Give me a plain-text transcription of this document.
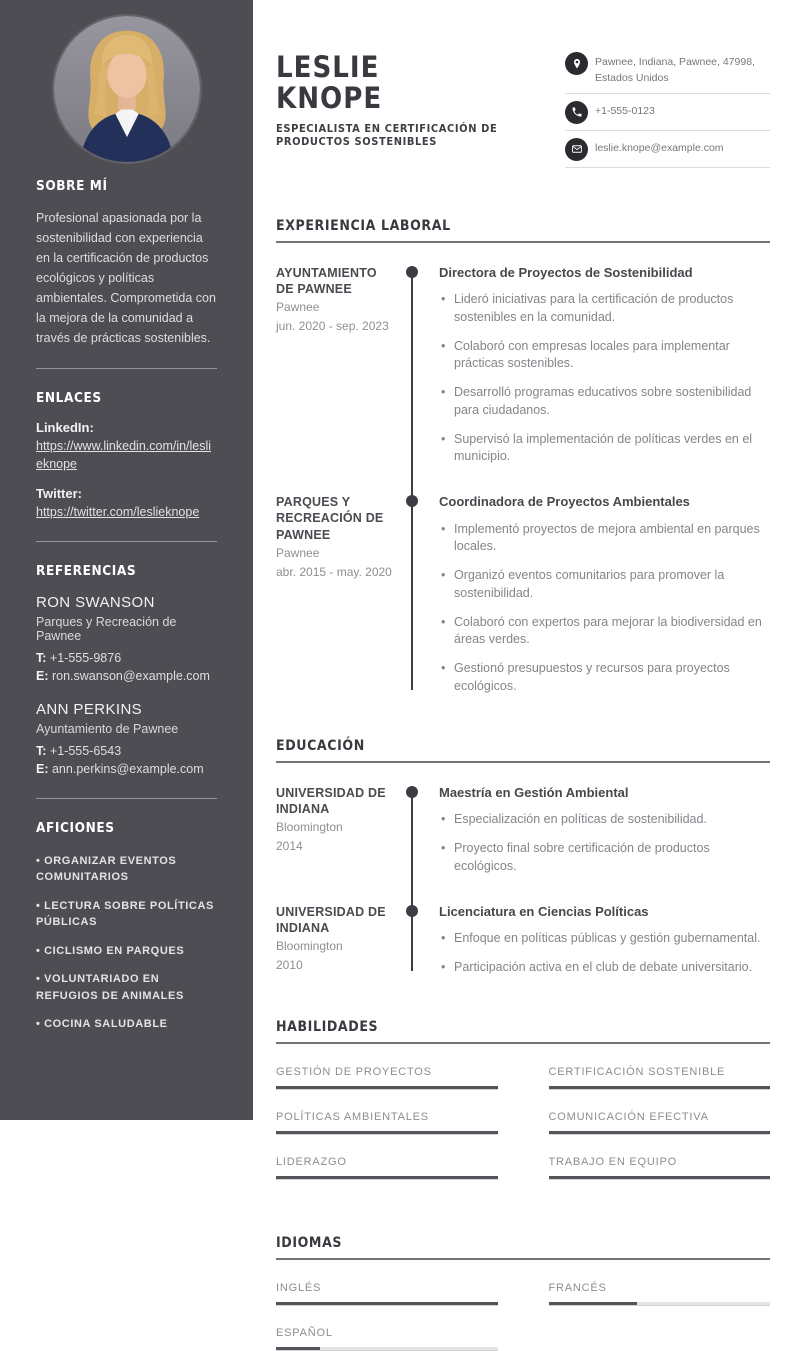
SOBRE MÍ

Profesional apasionada por la sostenibilidad con experiencia en la certificación de productos ecológicos y políticas ambientales. Comprometida con la mejora de la comunidad a través de prácticas sostenibles.

ENLACES
LinkedIn:
https://www.linkedin.com/in/leslieknope
Twitter:
https://twitter.com/leslieknope
REFERENCIAS
RON SWANSON
Parques y Recreación de Pawnee
T: +1-555-9876
E: ron.swanson@example.com
ANN PERKINS
Ayuntamiento de Pawnee
T: +1-555-6543
E: ann.perkins@example.com
AFICIONES
• ORGANIZAR EVENTOS COMUNITARIOS
• LECTURA SOBRE POLÍTICAS PÚBLICAS
• CICLISMO EN PARQUES
• VOLUNTARIADO EN REFUGIOS DE ANIMALES
• COCINA SALUDABLE
LESLIE
KNOPE
ESPECIALISTA EN CERTIFICACIÓN DE PRODUCTOS SOSTENIBLES
Pawnee, Indiana, Pawnee, 47998, Estados Unidos
+1-555-0123
leslie.knope@example.com
EXPERIENCIA LABORAL
AYUNTAMIENTO DE PAWNEE
Pawnee
jun. 2020 - sep. 2023
Directora de Proyectos de Sostenibilidad
• Lideró iniciativas para la certificación de productos sostenibles en la comunidad.
• Colaboró con empresas locales para implementar prácticas sostenibles.
• Desarrolló programas educativos sobre sostenibilidad para ciudadanos.
• Supervisó la implementación de políticas verdes en el municipio.
PARQUES Y RECREACIÓN DE PAWNEE
Pawnee
abr. 2015 - may. 2020
Coordinadora de Proyectos Ambientales
• Implementó proyectos de mejora ambiental en parques locales.
• Organizó eventos comunitarios para promover la sostenibilidad.
• Colaboró con expertos para mejorar la biodiversidad en áreas verdes.
• Gestionó presupuestos y recursos para proyectos ecológicos.
EDUCACIÓN
UNIVERSIDAD DE INDIANA
Bloomington
2014
Maestría en Gestión Ambiental
• Especialización en políticas de sostenibilidad.
• Proyecto final sobre certificación de productos ecológicos.
UNIVERSIDAD DE INDIANA
Bloomington
2010
Licenciatura en Ciencias Políticas
• Enfoque en políticas públicas y gestión gubernamental.
• Participación activa en el club de debate universitario.
HABILIDADES
GESTIÓN DE PROYECTOS	CERTIFICACIÓN SOSTENIBLE
POLÍTICAS AMBIENTALES	COMUNICACIÓN EFECTIVA
LIDERAZGO	TRABAJO EN EQUIPO
IDIOMAS
INGLÉS	FRANCÉS
ESPAÑOL
